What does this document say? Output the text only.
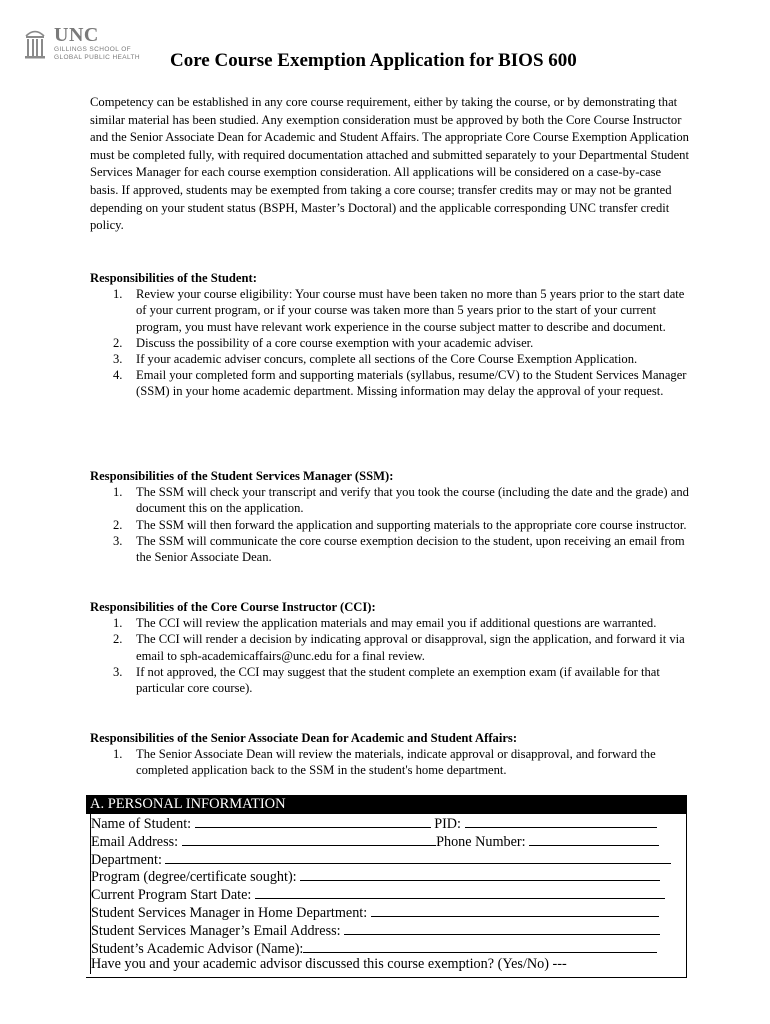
UNC
GILLINGS SCHOOL OF
GLOBAL PUBLIC HEALTH Core Course Exemption Application for BIOS 600

Competency can be established in any core course requirement, either by taking the course, or by demonstrating that similar material has been studied. Any exemption consideration must be approved by both the Core Course Instructor and the Senior Associate Dean for Academic and Student Affairs. The appropriate Core Course Exemption Application must be completed fully, with required documentation attached and submitted separately to your Departmental Student Services Manager for each course exemption consideration. All applications will be considered on a case-by-case basis. If approved, students may be exempted from taking a core course; transfer credits may or may not be granted depending on your student status (BSPH, Master’s Doctoral) and the applicable corresponding UNC transfer credit policy.

Responsibilities of the Student:
1. Review your course eligibility: Your course must have been taken no more than 5 years prior to the start date of your current program, or if your course was taken more than 5 years prior to the start of your current program, you must have relevant work experience in the course subject matter to describe and document.
2. Discuss the possibility of a core course exemption with your academic adviser.
3. If your academic adviser concurs, complete all sections of the Core Course Exemption Application.
4. Email your completed form and supporting materials (syllabus, resume/CV) to the Student Services Manager (SSM) in your home academic department. Missing information may delay the approval of your request.
Responsibilities of the Student Services Manager (SSM):
1. The SSM will check your transcript and verify that you took the course (including the date and the grade) and document this on the application.
2. The SSM will then forward the application and supporting materials to the appropriate core course instructor.
3. The SSM will communicate the core course exemption decision to the student, upon receiving an email from the Senior Associate Dean.
Responsibilities of the Core Course Instructor (CCI):
1. The CCI will review the application materials and may email you if additional questions are warranted.
2. The CCI will render a decision by indicating approval or disapproval, sign the application, and forward it via email to sph-academicaffairs@unc.edu for a final review.
3. If not approved, the CCI may suggest that the student complete an exemption exam (if available for that particular core course).
Responsibilities of the Senior Associate Dean for Academic and Student Affairs:
1. The Senior Associate Dean will review the materials, indicate approval or disapproval, and forward the completed application back to the SSM in the student's home department.
A. PERSONAL INFORMATION
Name of Student:	PID:
Email Address:	Phone Number:
Department:
Program (degree/certificate sought):
Current Program Start Date:
Student Services Manager in Home Department:
Student Services Manager’s Email Address:
Student’s Academic Advisor (Name):
Have you and your academic advisor discussed this course exemption? (Yes/No) ---
